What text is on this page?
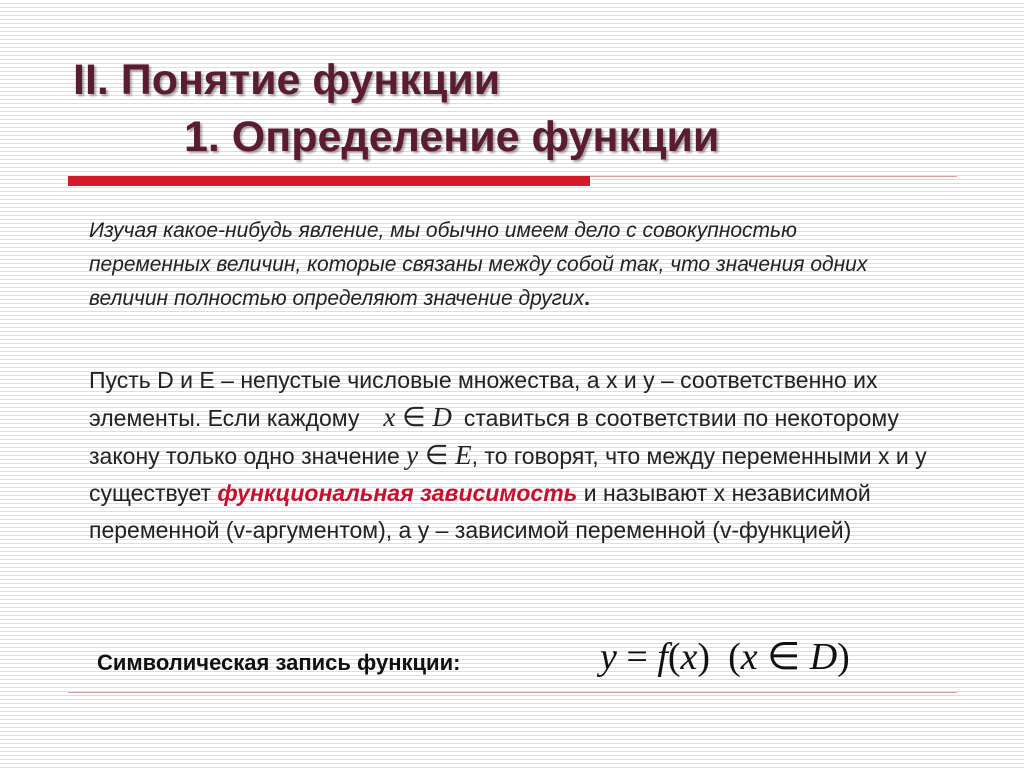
II. Понятие функции
1. Определение функции
Изучая какое-нибудь явление, мы обычно имеем дело с совокупностью переменных величин, которые связаны между собой так, что значения одних величин полностью определяют значение других.
Пусть D и E – непустые числовые множества, а x и y – соответственно их элементы. Если каждому x ∈ D ставиться в соответствии по некоторому закону только одно значение y ∈ E, то говорят, что между переменными x и y существует функциональная зависимость и называют x независимой переменной (v-аргументом), а y – зависимой переменной (v-функцией)
Символическая запись функции:	y = f(x) (x ∈ D)
